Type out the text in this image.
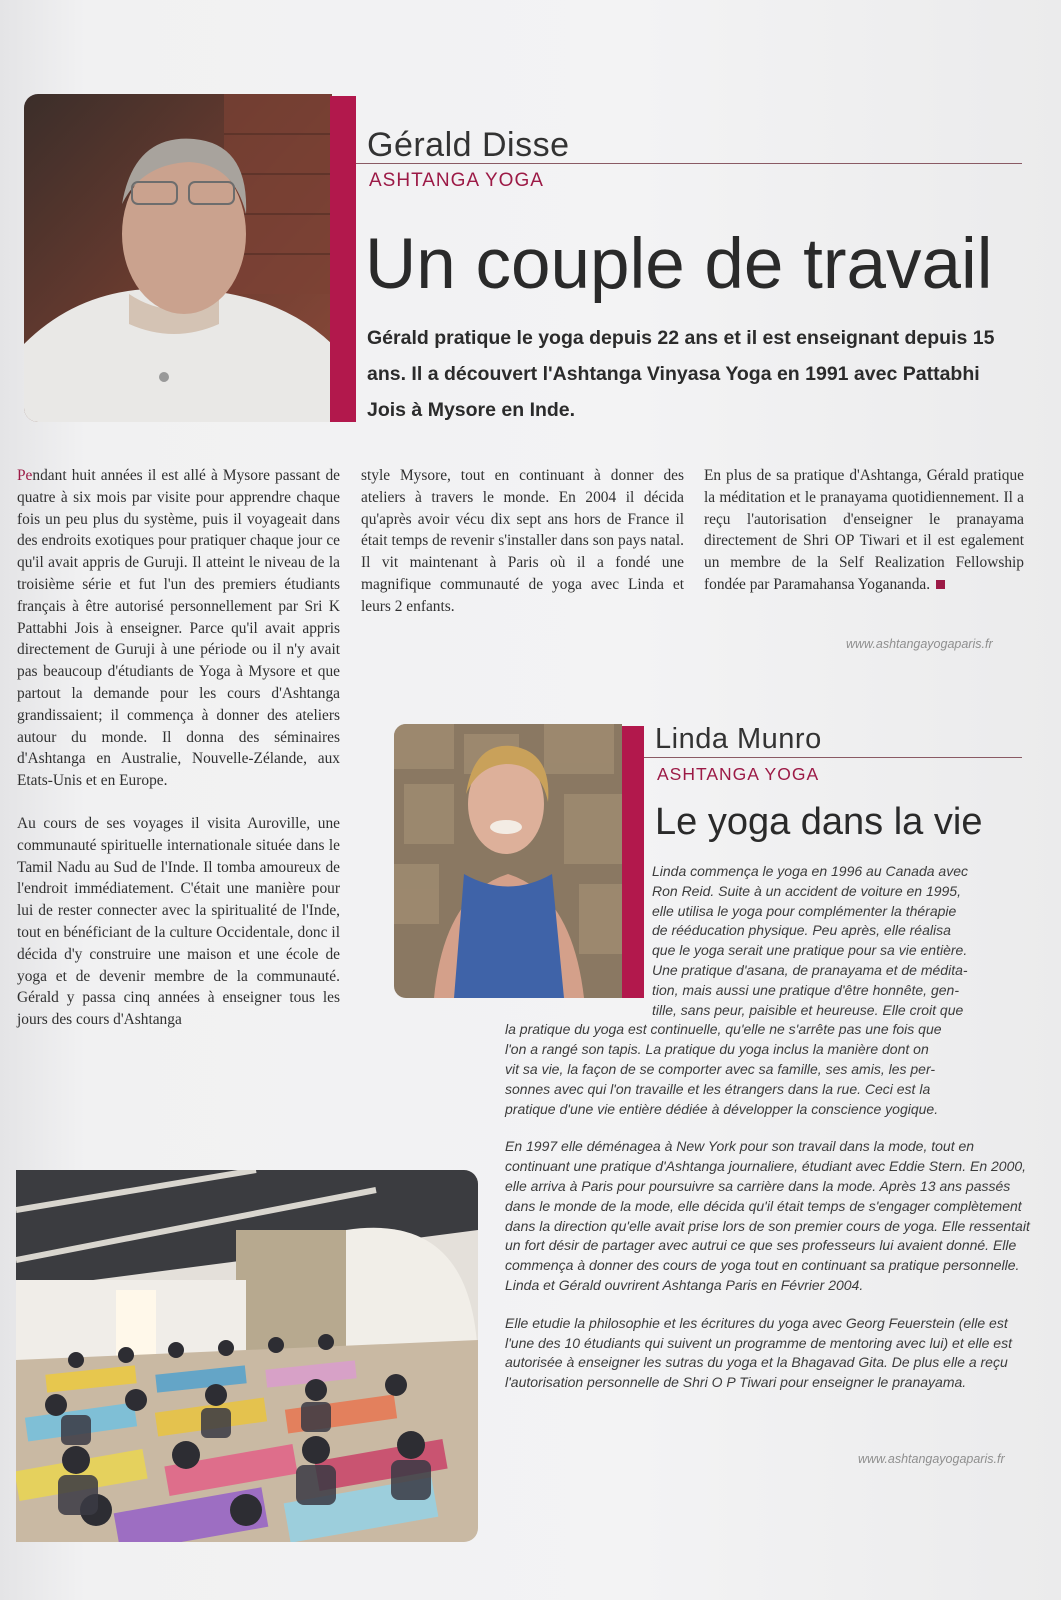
Gérald Disse
ASHTANGA YOGA
Un couple de travail
Gérald pratique le yoga depuis 22 ans et il est enseignant depuis 15 ans. Il a découvert l'Ashtanga Vinyasa Yoga en 1991 avec Pattabhi Jois à Mysore en Inde.

Pendant huit années il est allé à Mysore passant de quatre à six mois par visite pour apprendre chaque fois un peu plus du système, puis il voyageait dans des endroits exotiques pour pratiquer chaque jour ce qu'il avait appris de Guruji. Il atteint le niveau de la troisième série et fut l'un des premiers étudiants français à être autorisé personnellement par Sri K Pattabhi Jois à enseigner. Parce qu'il avait appris directement de Guruji à une période ou il n'y avait pas beaucoup d'étudiants de Yoga à Mysore et que partout la demande pour les cours d'Ashtanga grandissaient; il commença à donner des ateliers autour du monde. Il donna des séminaires d'Ashtanga en Australie, Nouvelle-Zélande, aux Etats-Unis et en Europe.

Au cours de ses voyages il visita Auroville, une communauté spirituelle internationale située dans le Tamil Nadu au Sud de l'Inde. Il tomba amoureux de l'endroit immédiatement. C'était une manière pour lui de rester connecter avec la spiritualité de l'Inde, tout en bénéficiant de la culture Occidentale, donc il décida d'y construire une maison et une école de yoga et de devenir membre de la communauté. Gérald y passa cinq années à enseigner tous les jours des cours d'Ashtanga

style Mysore, tout en continuant à donner des ateliers à travers le monde. En 2004 il décida qu'après avoir vécu dix sept ans hors de France il était temps de revenir s'installer dans son pays natal. Il vit maintenant à Paris où il a fondé une magnifique communauté de yoga avec Linda et leurs 2 enfants.

En plus de sa pratique d'Ashtanga, Gérald pratique la méditation et le pranayama quotidiennement. Il a reçu l'autorisation d'enseigner le pranayama directement de Shri OP Tiwari et il est egalement un membre de la Self Realization Fellowship fondée par Paramahansa Yogananda.

www.ashtangayogaparis.fr
Linda Munro
ASHTANGA YOGA
Le yoga dans la vie
Linda commença le yoga en 1996 au Canada avec
Ron Reid. Suite à un accident de voiture en 1995,
elle utilisa le yoga pour complémenter la thérapie
de rééducation physique. Peu après, elle réalisa
que le yoga serait une pratique pour sa vie entière.
Une pratique d'asana, de pranayama et de médita-
tion, mais aussi une pratique d'être honnête, gen-
tille, sans peur, paisible et heureuse. Elle croit que
la pratique du yoga est continuelle, qu'elle ne s'arrête pas une fois que
l'on a rangé son tapis. La pratique du yoga inclus la manière dont on
vit sa vie, la façon de se comporter avec sa famille, ses amis, les per-
sonnes avec qui l'on travaille et les étrangers dans la rue. Ceci est la
pratique d'une vie entière dédiée à développer la conscience yogique.

En 1997 elle déménagea à New York pour son travail dans la mode, tout en continuant une pratique d'Ashtanga journaliere, étudiant avec Eddie Stern. En 2000, elle arriva à Paris pour poursuivre sa carrière dans la mode. Après 13 ans passés dans le monde de la mode, elle décida qu'il était temps de s'engager complètement dans la direction qu'elle avait prise lors de son premier cours de yoga. Elle ressentait un fort désir de partager avec autrui ce que ses professeurs lui avaient donné. Elle commença à donner des cours de yoga tout en continuant sa pratique personnelle. Linda et Gérald ouvrirent Ashtanga Paris en Février 2004.

Elle etudie la philosophie et les écritures du yoga avec Georg Feuerstein (elle est l'une des 10 étudiants qui suivent un programme de mentoring avec lui) et elle est autorisée à enseigner les sutras du yoga et la Bhagavad Gita. De plus elle a reçu l'autorisation personnelle de Shri O P Tiwari pour enseigner le pranayama.

www.ashtangayogaparis.fr
